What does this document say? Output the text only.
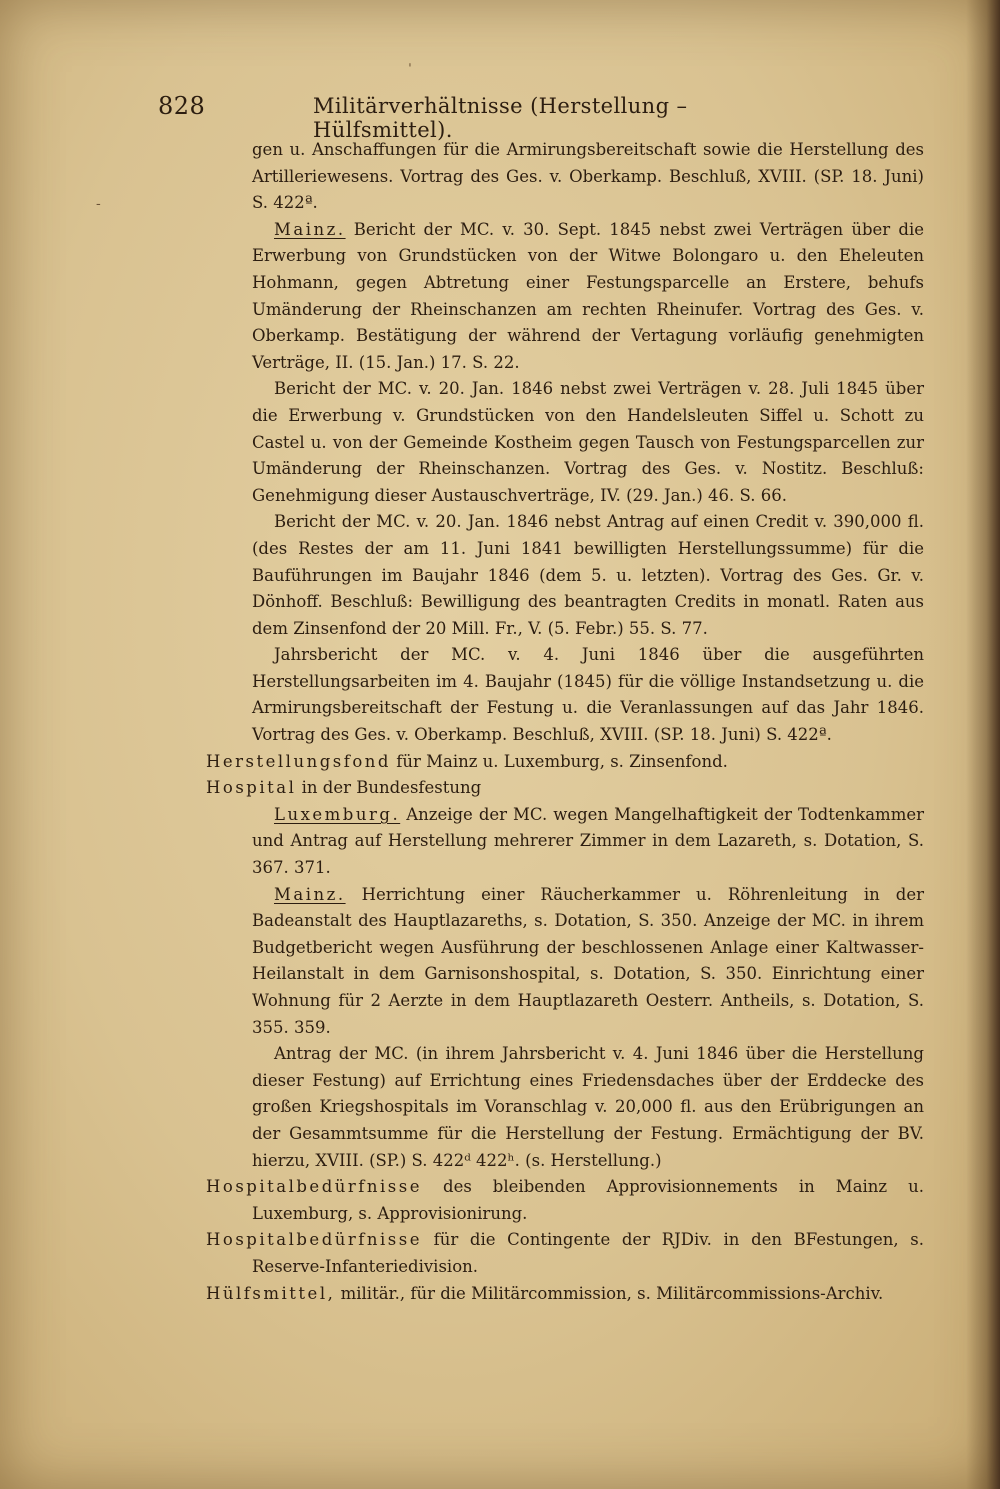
828	Militärverhältnisse (Herstellung – Hülfsmittel).
ˈ
-

gen u. Anschaffungen für die Armirungsbereitschaft sowie die Herstellung des Artilleriewesens. Vortrag des Ges. v. Oberkamp. Beschluß, XVIII. (SP. 18. Juni) S. 422ª.

Mainz. Bericht der MC. v. 30. Sept. 1845 nebst zwei Verträgen über die Erwerbung von Grundstücken von der Witwe Bolongaro u. den Eheleuten Hohmann, gegen Abtretung einer Festungsparcelle an Erstere, behufs Umänderung der Rheinschanzen am rechten Rheinufer. Vortrag des Ges. v. Oberkamp. Bestätigung der während der Vertagung vorläufig genehmigten Verträge, II. (15. Jan.) 17. S. 22.

Bericht der MC. v. 20. Jan. 1846 nebst zwei Verträgen v. 28. Juli 1845 über die Erwerbung v. Grundstücken von den Handelsleuten Siffel u. Schott zu Castel u. von der Gemeinde Kostheim gegen Tausch von Festungsparcellen zur Umänderung der Rheinschanzen. Vortrag des Ges. v. Nostitz. Beschluß: Genehmigung dieser Austauschverträge, IV. (29. Jan.) 46. S. 66.

Bericht der MC. v. 20. Jan. 1846 nebst Antrag auf einen Credit v. 390,000 fl. (des Restes der am 11. Juni 1841 bewilligten Herstellungssumme) für die Bauführungen im Baujahr 1846 (dem 5. u. letzten). Vortrag des Ges. Gr. v. Dönhoff. Beschluß: Bewilligung des beantragten Credits in monatl. Raten aus dem Zinsenfond der 20 Mill. Fr., V. (5. Febr.) 55. S. 77.

Jahrsbericht der MC. v. 4. Juni 1846 über die ausgeführten Herstellungsarbeiten im 4. Baujahr (1845) für die völlige Instandsetzung u. die Armirungsbereitschaft der Festung u. die Veranlassungen auf das Jahr 1846. Vortrag des Ges. v. Oberkamp. Beschluß, XVIII. (SP. 18. Juni) S. 422ª.

Herstellungsfond für Mainz u. Luxemburg, s. Zinsenfond.

Hospital in der Bundesfestung

Luxemburg. Anzeige der MC. wegen Mangelhaftigkeit der Todtenkammer und Antrag auf Herstellung mehrerer Zimmer in dem Lazareth, s. Dotation, S. 367. 371.

Mainz. Herrichtung einer Räucherkammer u. Röhrenleitung in der Badeanstalt des Hauptlazareths, s. Dotation, S. 350. Anzeige der MC. in ihrem Budgetbericht wegen Ausführung der beschlossenen Anlage einer Kaltwasser-Heilanstalt in dem Garnisonshospital, s. Dotation, S. 350. Einrichtung einer Wohnung für 2 Aerzte in dem Hauptlazareth Oesterr. Antheils, s. Dotation, S. 355. 359.

Antrag der MC. (in ihrem Jahrsbericht v. 4. Juni 1846 über die Herstellung dieser Festung) auf Errichtung eines Friedensdaches über der Erddecke des großen Kriegshospitals im Voranschlag v. 20,000 fl. aus den Erübrigungen an der Gesammtsumme für die Herstellung der Festung. Ermächtigung der BV. hierzu, XVIII. (SP.) S. 422ᵈ 422ʰ. (s. Herstellung.)

Hospitalbedürfnisse des bleibenden Approvisionnements in Mainz u. Luxemburg, s. Approvisionirung.

Hospitalbedürfnisse für die Contingente der RJDiv. in den BFestungen, s. Reserve-Infanteriedivision.

Hülfsmittel, militär., für die Militärcommission, s. Militärcommissions-Archiv.
